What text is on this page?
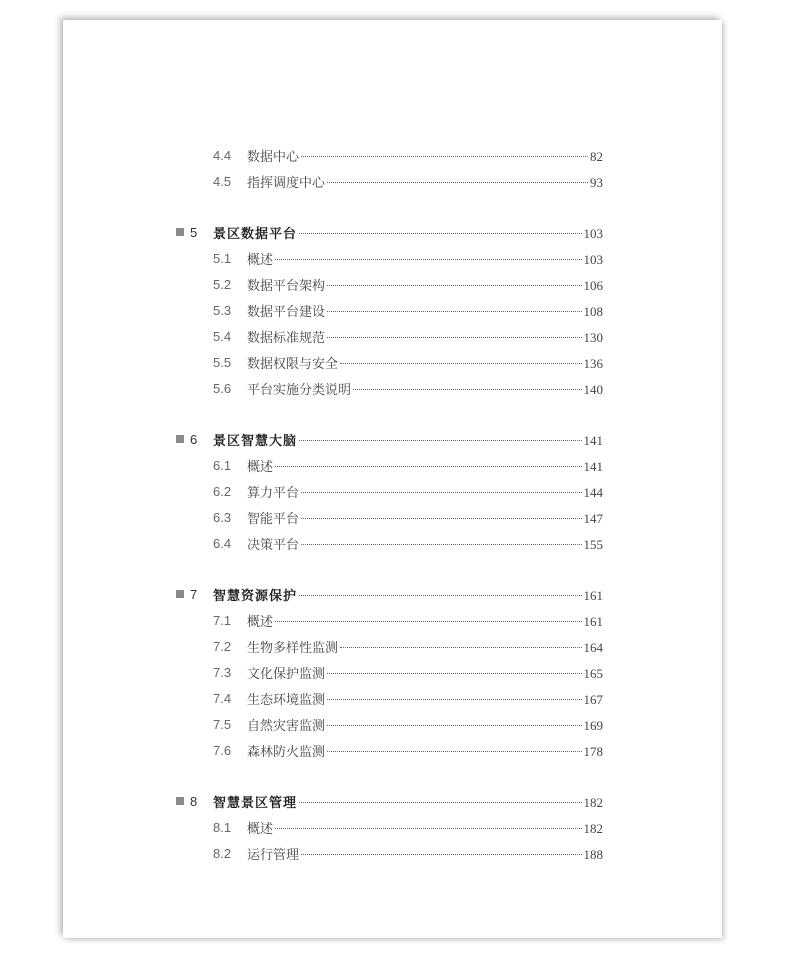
4.4 数据中心	82
4.5 指挥调度中心	93
5 景区数据平台	103
5.1 概述	103
5.2 数据平台架构	106
5.3 数据平台建设	108
5.4 数据标准规范	130
5.5 数据权限与安全	136
5.6 平台实施分类说明	140
6 景区智慧大脑	141
6.1 概述	141
6.2 算力平台	144
6.3 智能平台	147
6.4 决策平台	155
7 智慧资源保护	161
7.1 概述	161
7.2 生物多样性监测	164
7.3 文化保护监测	165
7.4 生态环境监测	167
7.5 自然灾害监测	169
7.6 森林防火监测	178
8 智慧景区管理	182
8.1 概述	182
8.2 运行管理	188
